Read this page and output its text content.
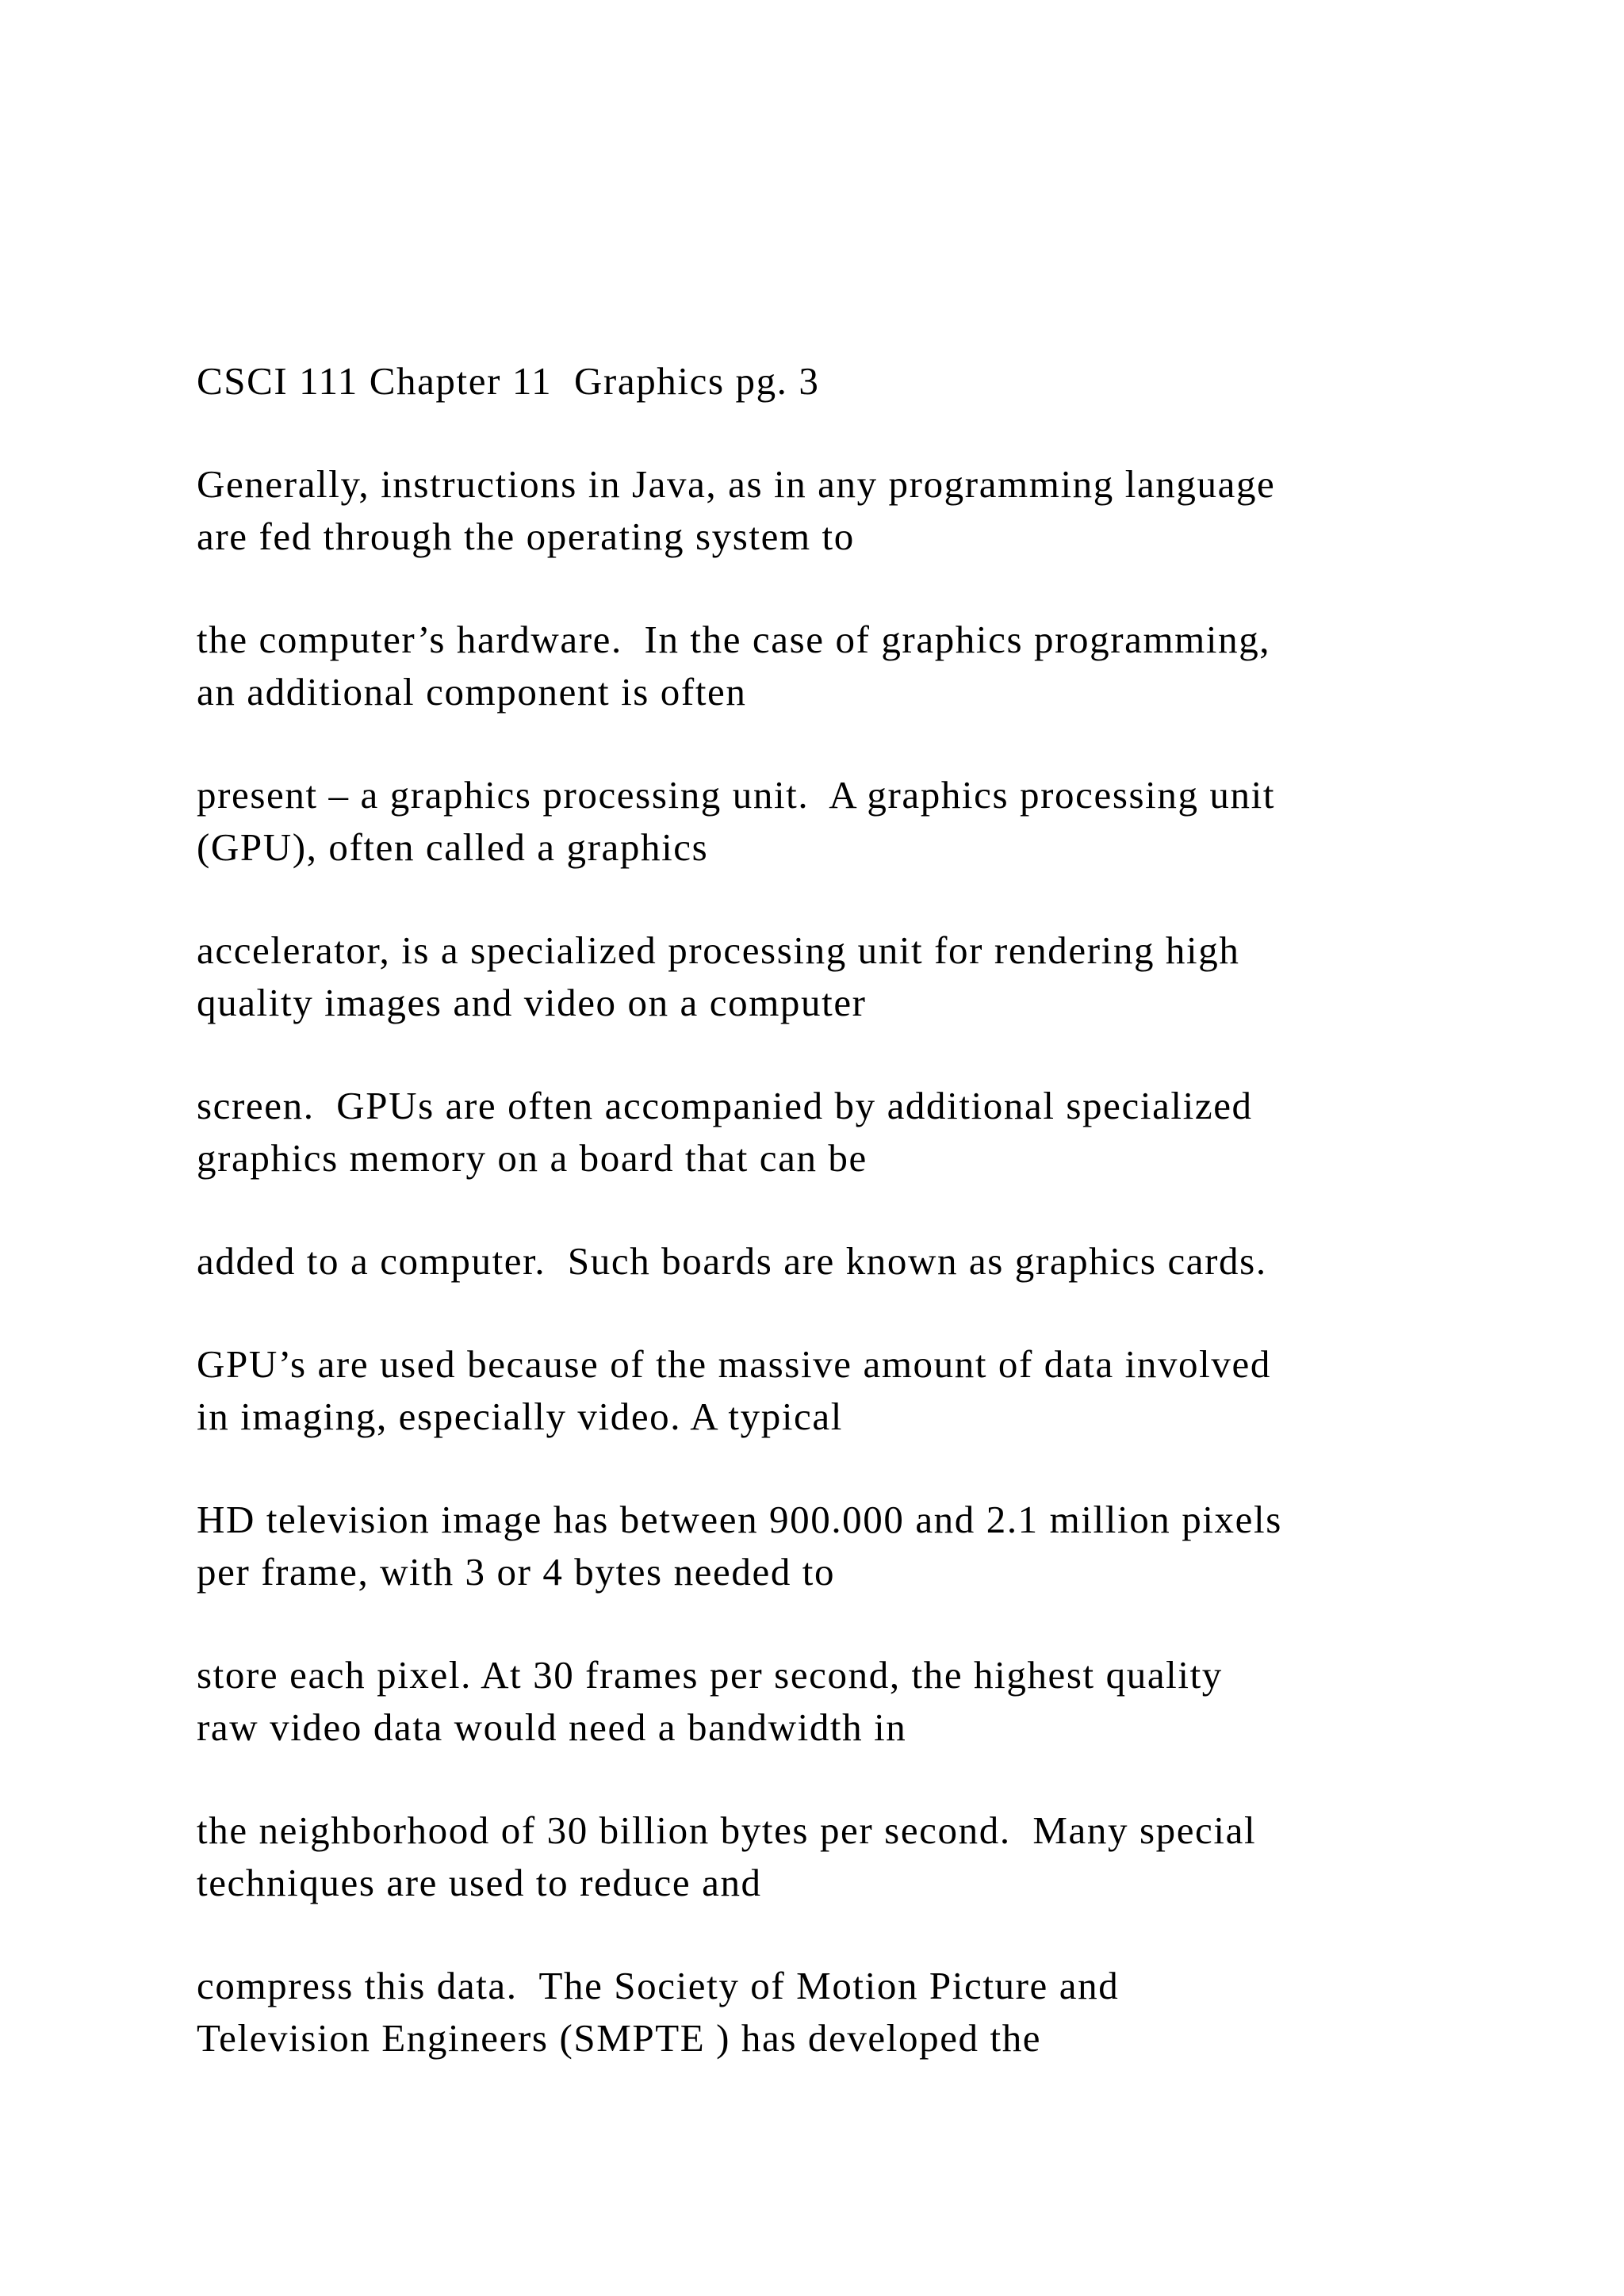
CSCI 111 Chapter 11  Graphics pg. 3
Generally, instructions in Java, as in any programming language
are fed through the operating system to
the computer’s hardware.  In the case of graphics programming,
an additional component is often
present – a graphics processing unit.  A graphics processing unit
(GPU), often called a graphics
accelerator, is a specialized processing unit for rendering high
quality images and video on a computer
screen.  GPUs are often accompanied by additional specialized
graphics memory on a board that can be
added to a computer.  Such boards are known as graphics cards.
GPU’s are used because of the massive amount of data involved
in imaging, especially video. A typical
HD television image has between 900.000 and 2.1 million pixels
per frame, with 3 or 4 bytes needed to
store each pixel. At 30 frames per second, the highest quality
raw video data would need a bandwidth in
the neighborhood of 30 billion bytes per second.  Many special
techniques are used to reduce and
compress this data.  The Society of Motion Picture and
Television Engineers (SMPTE ) has developed the
